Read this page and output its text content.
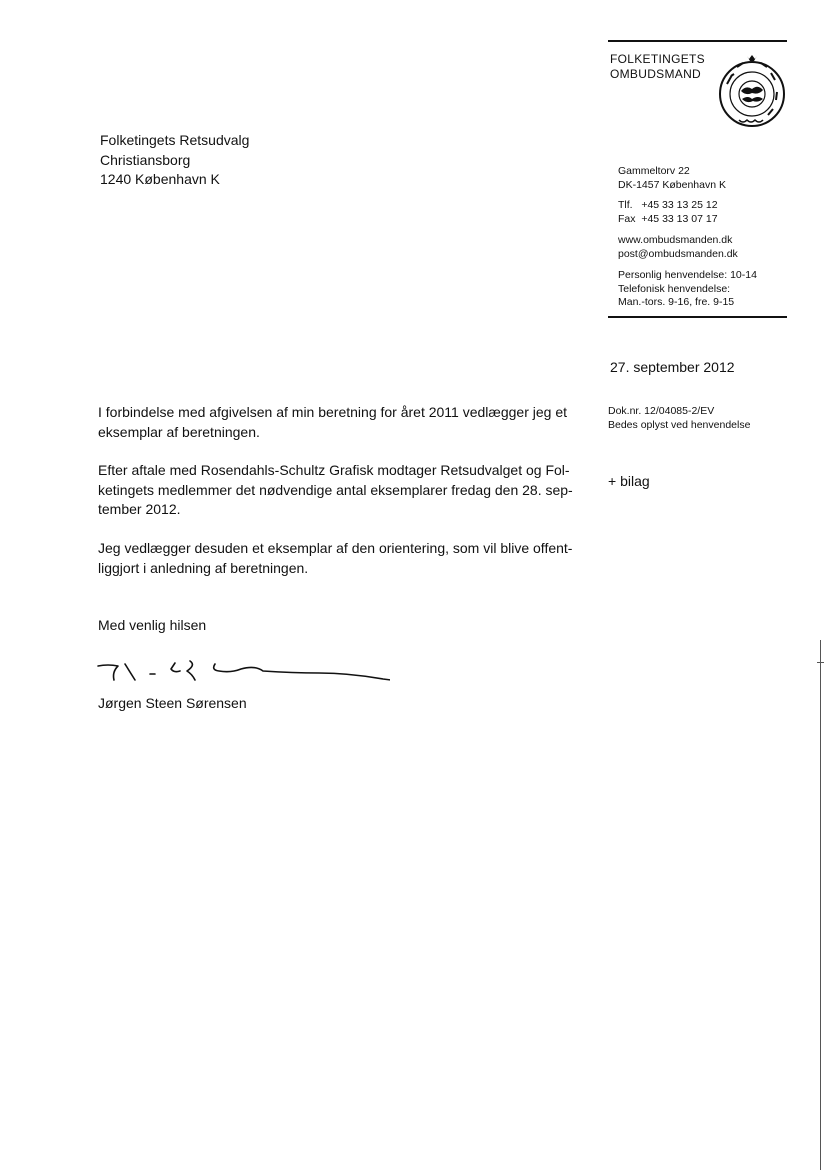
FOLKETINGETS
OMBUDSMAND
Folketingets Retsudvalg
Christiansborg
1240 København K	Gammeltorv 22
DK-1457 København K
Tlf.   +45 33 13 25 12
Fax  +45 33 13 07 17
www.ombudsmanden.dk
post@ombudsmanden.dk
Personlig henvendelse: 10-14
Telefonisk henvendelse:
Man.-tors. 9-16, fre. 9-15
27. september 2012
Dok.nr. 12/04085-2/EV
Bedes oplyst ved henvendelse
+ bilag
I forbindelse med afgivelsen af min beretning for året 2011 vedlægger jeg et
eksemplar af beretningen.
Efter aftale med Rosendahls-Schultz Grafisk modtager Retsudvalget og Fol-
ketingets medlemmer det nødvendige antal eksemplarer fredag den 28. sep-
tember 2012.
Jeg vedlægger desuden et eksemplar af den orientering, som vil blive offent-
liggjort i anledning af beretningen.
Med venlig hilsen
Jørgen Steen Sørensen
